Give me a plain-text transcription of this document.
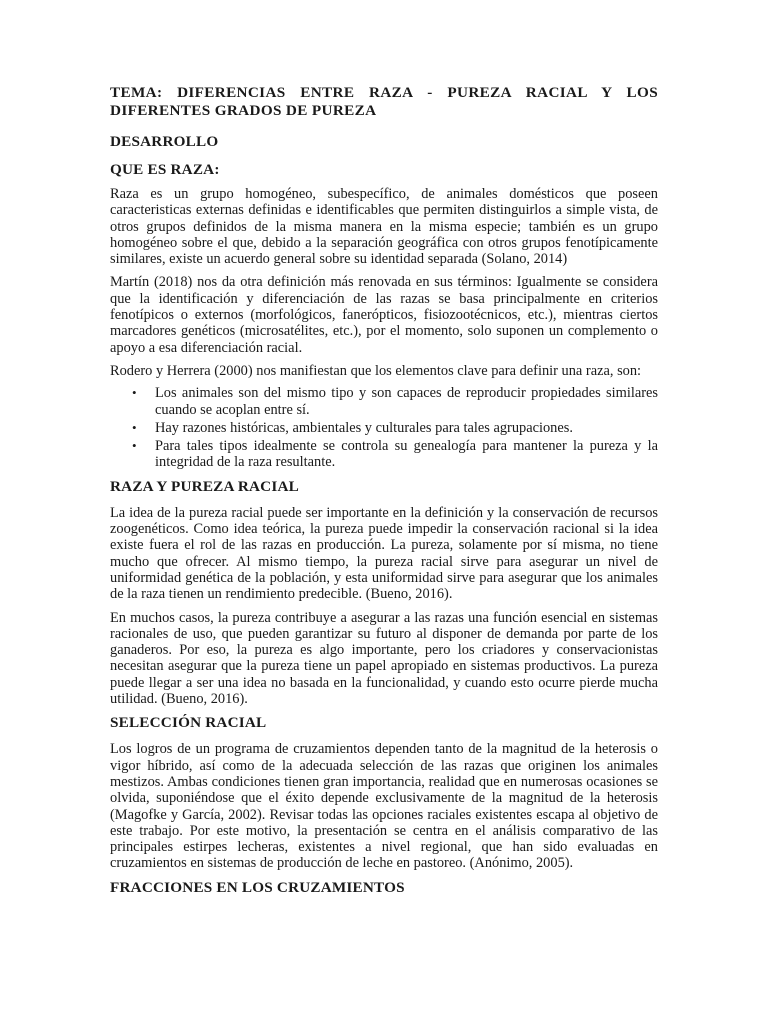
TEMA: DIFERENCIAS ENTRE RAZA - PUREZA RACIAL Y LOS DIFERENTES GRADOS DE PUREZA
DESARROLLO
QUE ES RAZA:

Raza es un grupo homogéneo, subespecífico, de animales domésticos que poseen caracteristicas externas definidas e identificables que permiten distinguirlos a simple vista, de otros grupos definidos de la misma manera en la misma especie; también es un grupo homogéneo sobre el que, debido a la separación geográfica con otros grupos fenotípicamente similares, existe un acuerdo general sobre su identidad separada (Solano, 2014)

Martín (2018) nos da otra definición más renovada en sus términos: Igualmente se considera que la identificación y diferenciación de las razas se basa principalmente en criterios fenotípicos o externos (morfológicos, fanerópticos, fisiozootécnicos, etc.), mientras ciertos marcadores genéticos (microsatélites, etc.), por el momento, solo suponen un complemento o apoyo a esa diferenciación racial.

Rodero y Herrera (2000) nos manifiestan que los elementos clave para definir una raza, son:

• Los animales son del mismo tipo y son capaces de reproducir propiedades similares cuando se acoplan entre sí.
• Hay razones históricas, ambientales y culturales para tales agrupaciones.
• Para tales tipos idealmente se controla su genealogía para mantener la pureza y la integridad de la raza resultante.
RAZA Y PUREZA RACIAL

La idea de la pureza racial puede ser importante en la definición y la conservación de recursos zoogenéticos. Como idea teórica, la pureza puede impedir la conservación racional si la idea existe fuera el rol de las razas en producción. La pureza, solamente por sí misma, no tiene mucho que ofrecer. Al mismo tiempo, la pureza racial sirve para asegurar un nivel de uniformidad genética de la población, y esta uniformidad sirve para asegurar que los animales de la raza tienen un rendimiento predecible. (Bueno, 2016).

En muchos casos, la pureza contribuye a asegurar a las razas una función esencial en sistemas racionales de uso, que pueden garantizar su futuro al disponer de demanda por parte de los ganaderos. Por eso, la pureza es algo importante, pero los criadores y conservacionistas necesitan asegurar que la pureza tiene un papel apropiado en sistemas productivos. La pureza puede llegar a ser una idea no basada en la funcionalidad, y cuando esto ocurre pierde mucha utilidad. (Bueno, 2016).

SELECCIÓN RACIAL

Los logros de un programa de cruzamientos dependen tanto de la magnitud de la heterosis o vigor híbrido, así como de la adecuada selección de las razas que originen los animales mestizos. Ambas condiciones tienen gran importancia, realidad que en numerosas ocasiones se olvida, suponiéndose que el éxito depende exclusivamente de la magnitud de la heterosis (Magofke y García, 2002). Revisar todas las opciones raciales existentes escapa al objetivo de este trabajo. Por este motivo, la presentación se centra en el análisis comparativo de las principales estirpes lecheras, existentes a nivel regional, que han sido evaluadas en cruzamientos en sistemas de producción de leche en pastoreo. (Anónimo, 2005).

FRACCIONES EN LOS CRUZAMIENTOS
